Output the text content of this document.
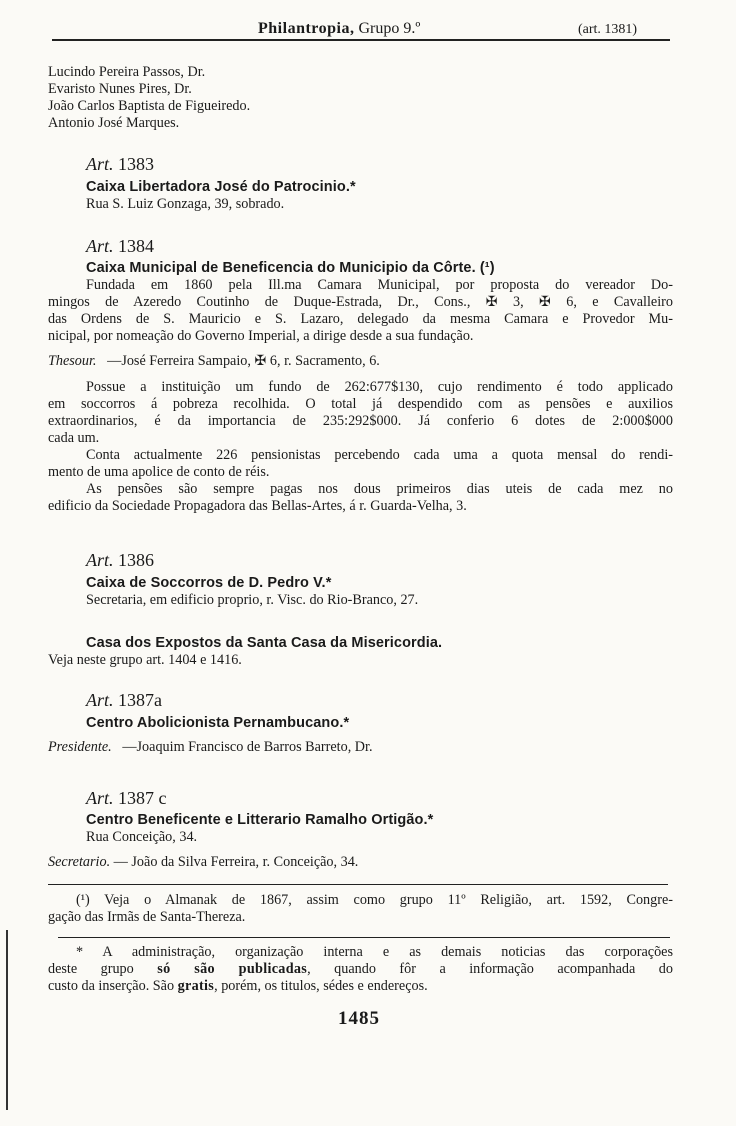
Philantropia, Grupo 9.º	(art. 1381)
Lucindo Pereira Passos, Dr.
Evaristo Nunes Pires, Dr.
João Carlos Baptista de Figueiredo.
Antonio José Marques.
Art. 1383
Caixa Libertadora José do Patrocinio.*
Rua S. Luiz Gonzaga, 39, sobrado.
Art. 1384
Caixa Municipal de Beneficencia do Municipio da Côrte. (¹)
Fundada em 1860 pela Ill.ma Camara Municipal, por proposta do vereador Do-
mingos de Azeredo Coutinho de Duque-Estrada, Dr., Cons., ✠ 3, ✠ 6, e Cavalleiro
das Ordens de S. Mauricio e S. Lazaro, delegado da mesma Camara e Provedor Mu-
nicipal, por nomeação do Governo Imperial, a dirige desde a sua fundação.
Thesour. —José Ferreira Sampaio, ✠ 6, r. Sacramento, 6.
Possue a instituição um fundo de 262:677$130, cujo rendimento é todo applicado
em soccorros á pobreza recolhida. O total já despendido com as pensões e auxilios
extraordinarios, é da importancia de 235:292$000. Já conferio 6 dotes de 2:000$000
cada um.
Conta actualmente 226 pensionistas percebendo cada uma a quota mensal do rendi-
mento de uma apolice de conto de réis.
As pensões são sempre pagas nos dous primeiros dias uteis de cada mez no
edificio da Sociedade Propagadora das Bellas-Artes, á r. Guarda-Velha, 3.
Art. 1386
Caixa de Soccorros de D. Pedro V.*
Secretaria, em edificio proprio, r. Visc. do Rio-Branco, 27.
Casa dos Expostos da Santa Casa da Misericordia.
Veja neste grupo art. 1404 e 1416.
Art. 1387a
Centro Abolicionista Pernambucano.*
Presidente. —Joaquim Francisco de Barros Barreto, Dr.
Art. 1387 c
Centro Beneficente e Litterario Ramalho Ortigão.*
Rua Conceição, 34.
Secretario. — João da Silva Ferreira, r. Conceição, 34.
(¹) Veja o Almanak de 1867, assim como grupo 11º Religião, art. 1592, Congre-
gação das Irmãs de Santa-Thereza.
* A administração, organização interna e as demais noticias das corporações
deste grupo só são publicadas, quando fôr a informação acompanhada do
custo da inserção. São gratis, porém, os titulos, sédes e endereços.
1485
